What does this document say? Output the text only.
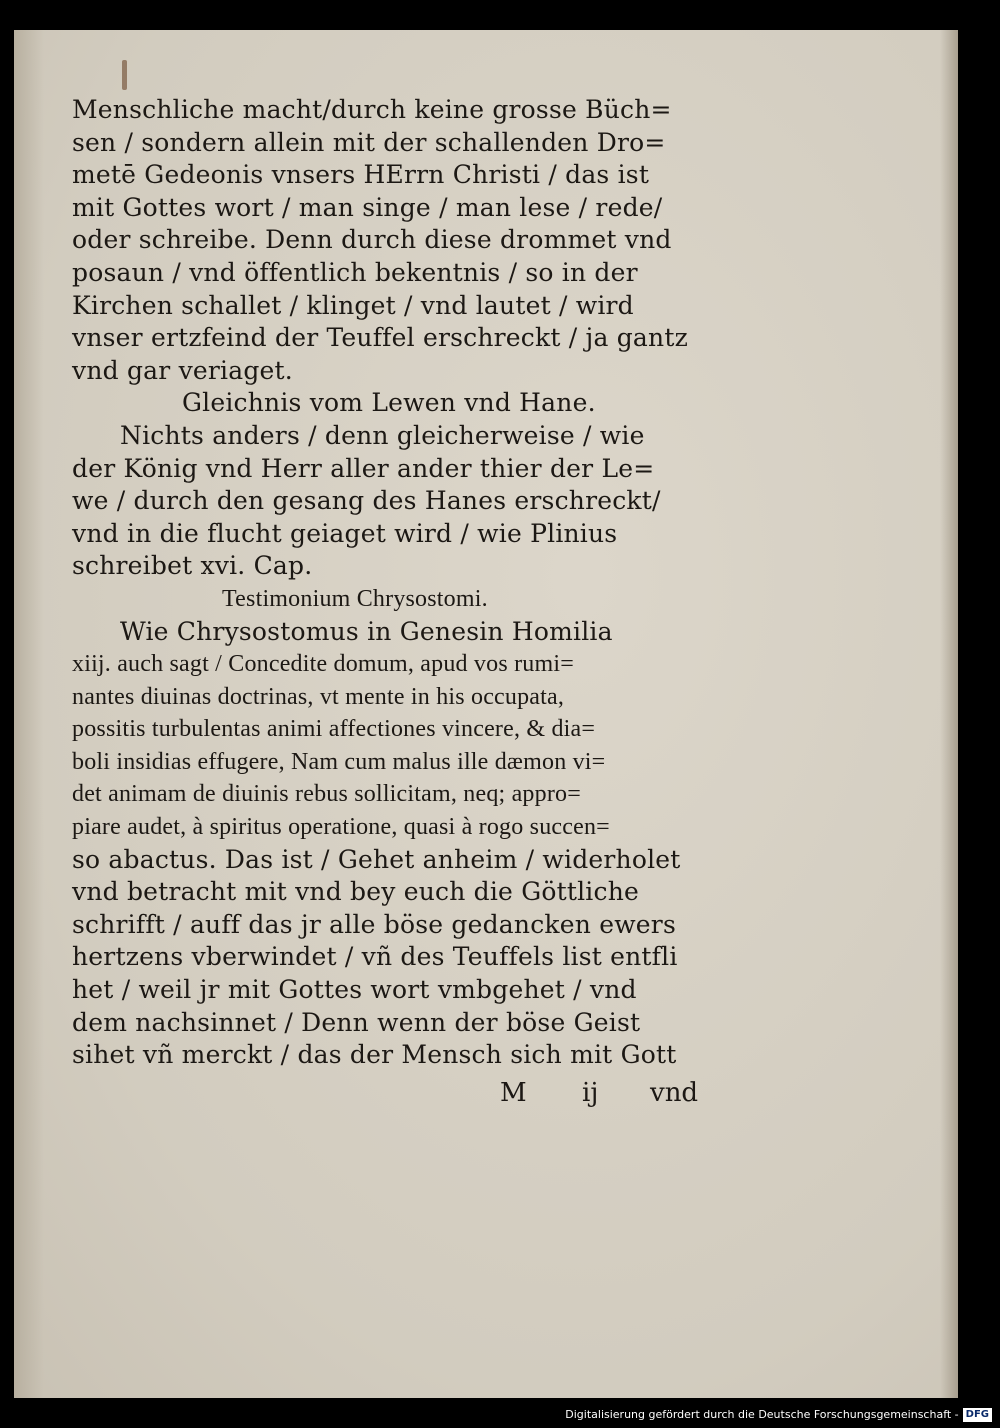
Menschliche macht/durch keine grosse Büch=
sen / sondern allein mit der schallenden Dro=
metē Gedeonis vnsers HErrn Christi / das ist
mit Gottes wort / man singe / man lese / rede/
oder schreibe. Denn durch diese drommet vnd
posaun / vnd öffentlich bekentnis / so in der
Kirchen schallet / klinget / vnd lautet / wird
vnser ertzfeind der Teuffel erschreckt / ja gantz
vnd gar veriaget.
Gleichnis vom Lewen vnd Hane.
Nichts anders / denn gleicherweise / wie
der König vnd Herr aller ander thier der Le=
we / durch den gesang des Hanes erschreckt/
vnd in die flucht geiaget wird / wie Plinius
schreibet xvi. Cap.
Testimonium Chrysostomi.
Wie Chrysostomus in Genesin Homilia
xiij. auch sagt / Concedite domum, apud vos rumi=
nantes diuinas doctrinas, vt mente in his occupata,
possitis turbulentas animi affectiones vincere, & dia=
boli insidias effugere, Nam cum malus ille dæmon vi=
det animam de diuinis rebus sollicitam, neq; appro=
piare audet, à spiritus operatione, quasi à rogo succen=
so abactus. Das ist / Gehet anheim / widerholet
vnd betracht mit vnd bey euch die Göttliche
schrifft / auff das jr alle böse gedancken ewers
hertzens vberwindet / vñ des Teuffels list entfli
het / weil jr mit Gottes wort vmbgehet / vnd
dem nachsinnet / Denn wenn der böse Geist
sihet vñ merckt / das der Mensch sich mit Gott
M ij vnd
Digitalisierung gefördert durch die Deutsche Forschungsgemeinschaft - DFG
